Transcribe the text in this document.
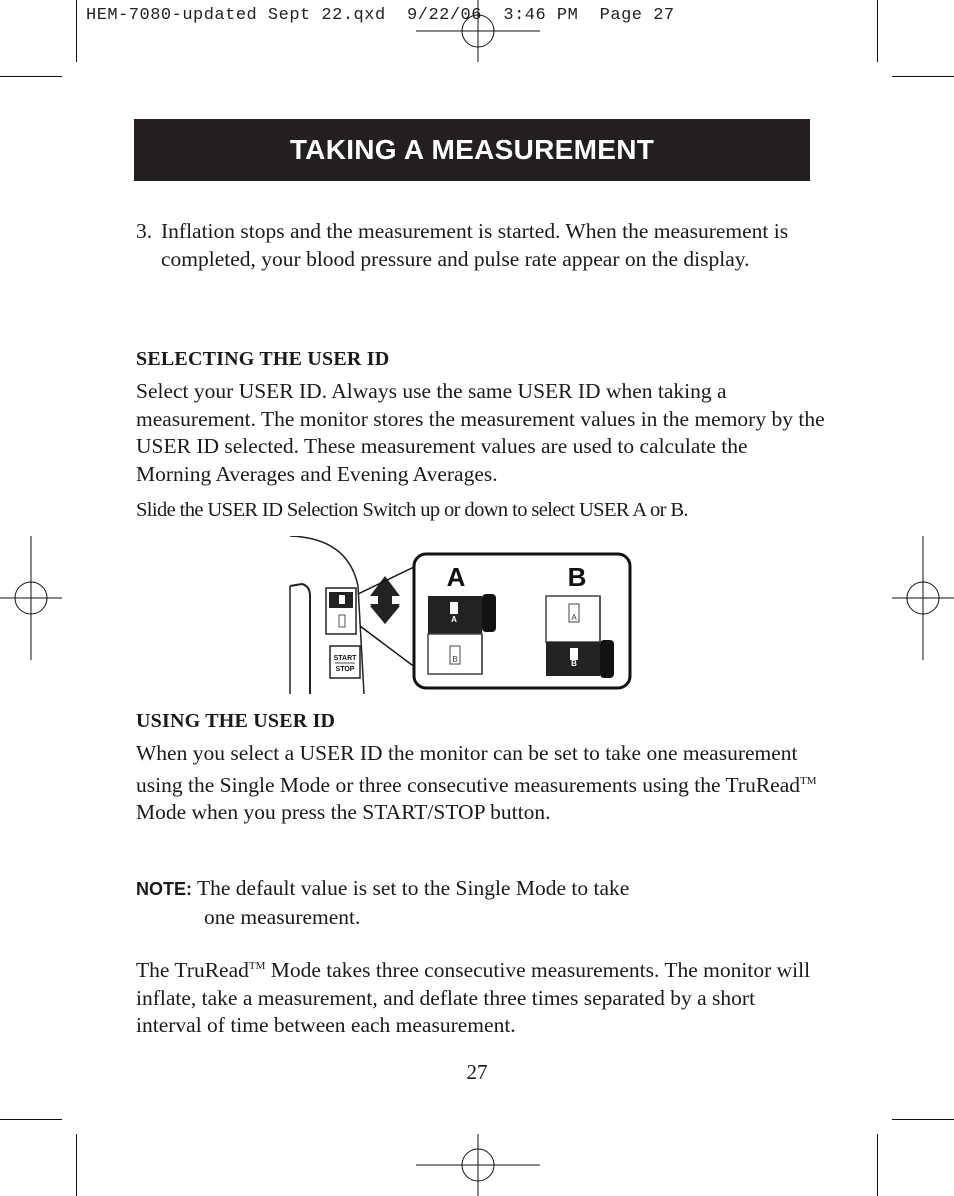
HEM-7080-updated Sept 22.qxd  9/22/06  3:46 PM  Page 27
TAKING A MEASUREMENT
3. Inflation stops and the measurement is started. When the measurement is completed, your blood pressure and pulse rate appear on the display.
SELECTING THE USER ID
Select your USER ID. Always use the same USER ID when taking a measurement. The monitor stores the measurement values in the memory by the USER ID selected. These measurement values are used to calculate the Morning Averages and Evening Averages.
Slide the USER ID Selection Switch up or down to select USER A or B.
START
STOP
A
A
B
B
A
B
USING THE USER ID
When you select a USER ID the monitor can be set to take one measurement using the Single Mode or three consecutive measurements using the TruRead™ Mode when you press the START/STOP button.
NOTE: The default value is set to the Single Mode to take
one measurement.
The TruRead™ Mode takes three consecutive measurements. The monitor will inflate, take a measurement, and deflate three times separated by a short interval of time between each measurement.
27
